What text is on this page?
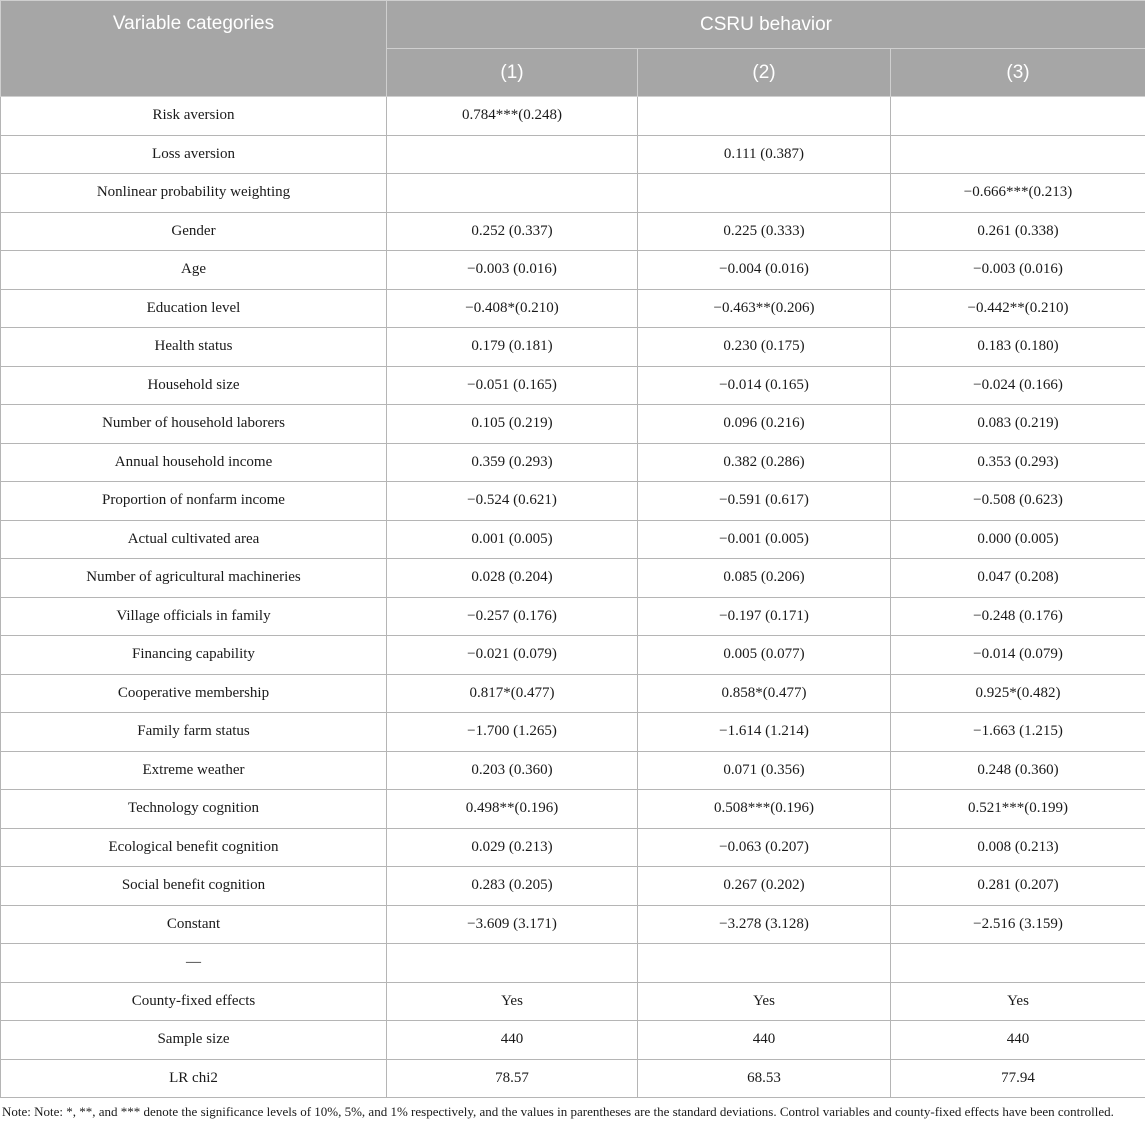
Variable categories	CSRU behavior		
	(1)	(2)	(3)
Risk aversion	0.784***(0.248)		
Loss aversion		0.111 (0.387)	
Nonlinear probability weighting			−0.666***(0.213)
Gender	0.252 (0.337)	0.225 (0.333)	0.261 (0.338)
Age	−0.003 (0.016)	−0.004 (0.016)	−0.003 (0.016)
Education level	−0.408*(0.210)	−0.463**(0.206)	−0.442**(0.210)
Health status	0.179 (0.181)	0.230 (0.175)	0.183 (0.180)
Household size	−0.051 (0.165)	−0.014 (0.165)	−0.024 (0.166)
Number of household laborers	0.105 (0.219)	0.096 (0.216)	0.083 (0.219)
Annual household income	0.359 (0.293)	0.382 (0.286)	0.353 (0.293)
Proportion of nonfarm income	−0.524 (0.621)	−0.591 (0.617)	−0.508 (0.623)
Actual cultivated area	0.001 (0.005)	−0.001 (0.005)	0.000 (0.005)
Number of agricultural machineries	0.028 (0.204)	0.085 (0.206)	0.047 (0.208)
Village officials in family	−0.257 (0.176)	−0.197 (0.171)	−0.248 (0.176)
Financing capability	−0.021 (0.079)	0.005 (0.077)	−0.014 (0.079)
Cooperative membership	0.817*(0.477)	0.858*(0.477)	0.925*(0.482)
Family farm status	−1.700 (1.265)	−1.614 (1.214)	−1.663 (1.215)
Extreme weather	0.203 (0.360)	0.071 (0.356)	0.248 (0.360)
Technology cognition	0.498**(0.196)	0.508***(0.196)	0.521***(0.199)
Ecological benefit cognition	0.029 (0.213)	−0.063 (0.207)	0.008 (0.213)
Social benefit cognition	0.283 (0.205)	0.267 (0.202)	0.281 (0.207)
Constant	−3.609 (3.171)	−3.278 (3.128)	−2.516 (3.159)
—			
County-fixed effects	Yes	Yes	Yes
Sample size	440	440	440
LR chi2	78.57	68.53	77.94
Note: Note: *, **, and *** denote the significance levels of 10%, 5%, and 1% respectively, and the values in parentheses are the standard deviations. Control variables and county-fixed effects have been controlled.
